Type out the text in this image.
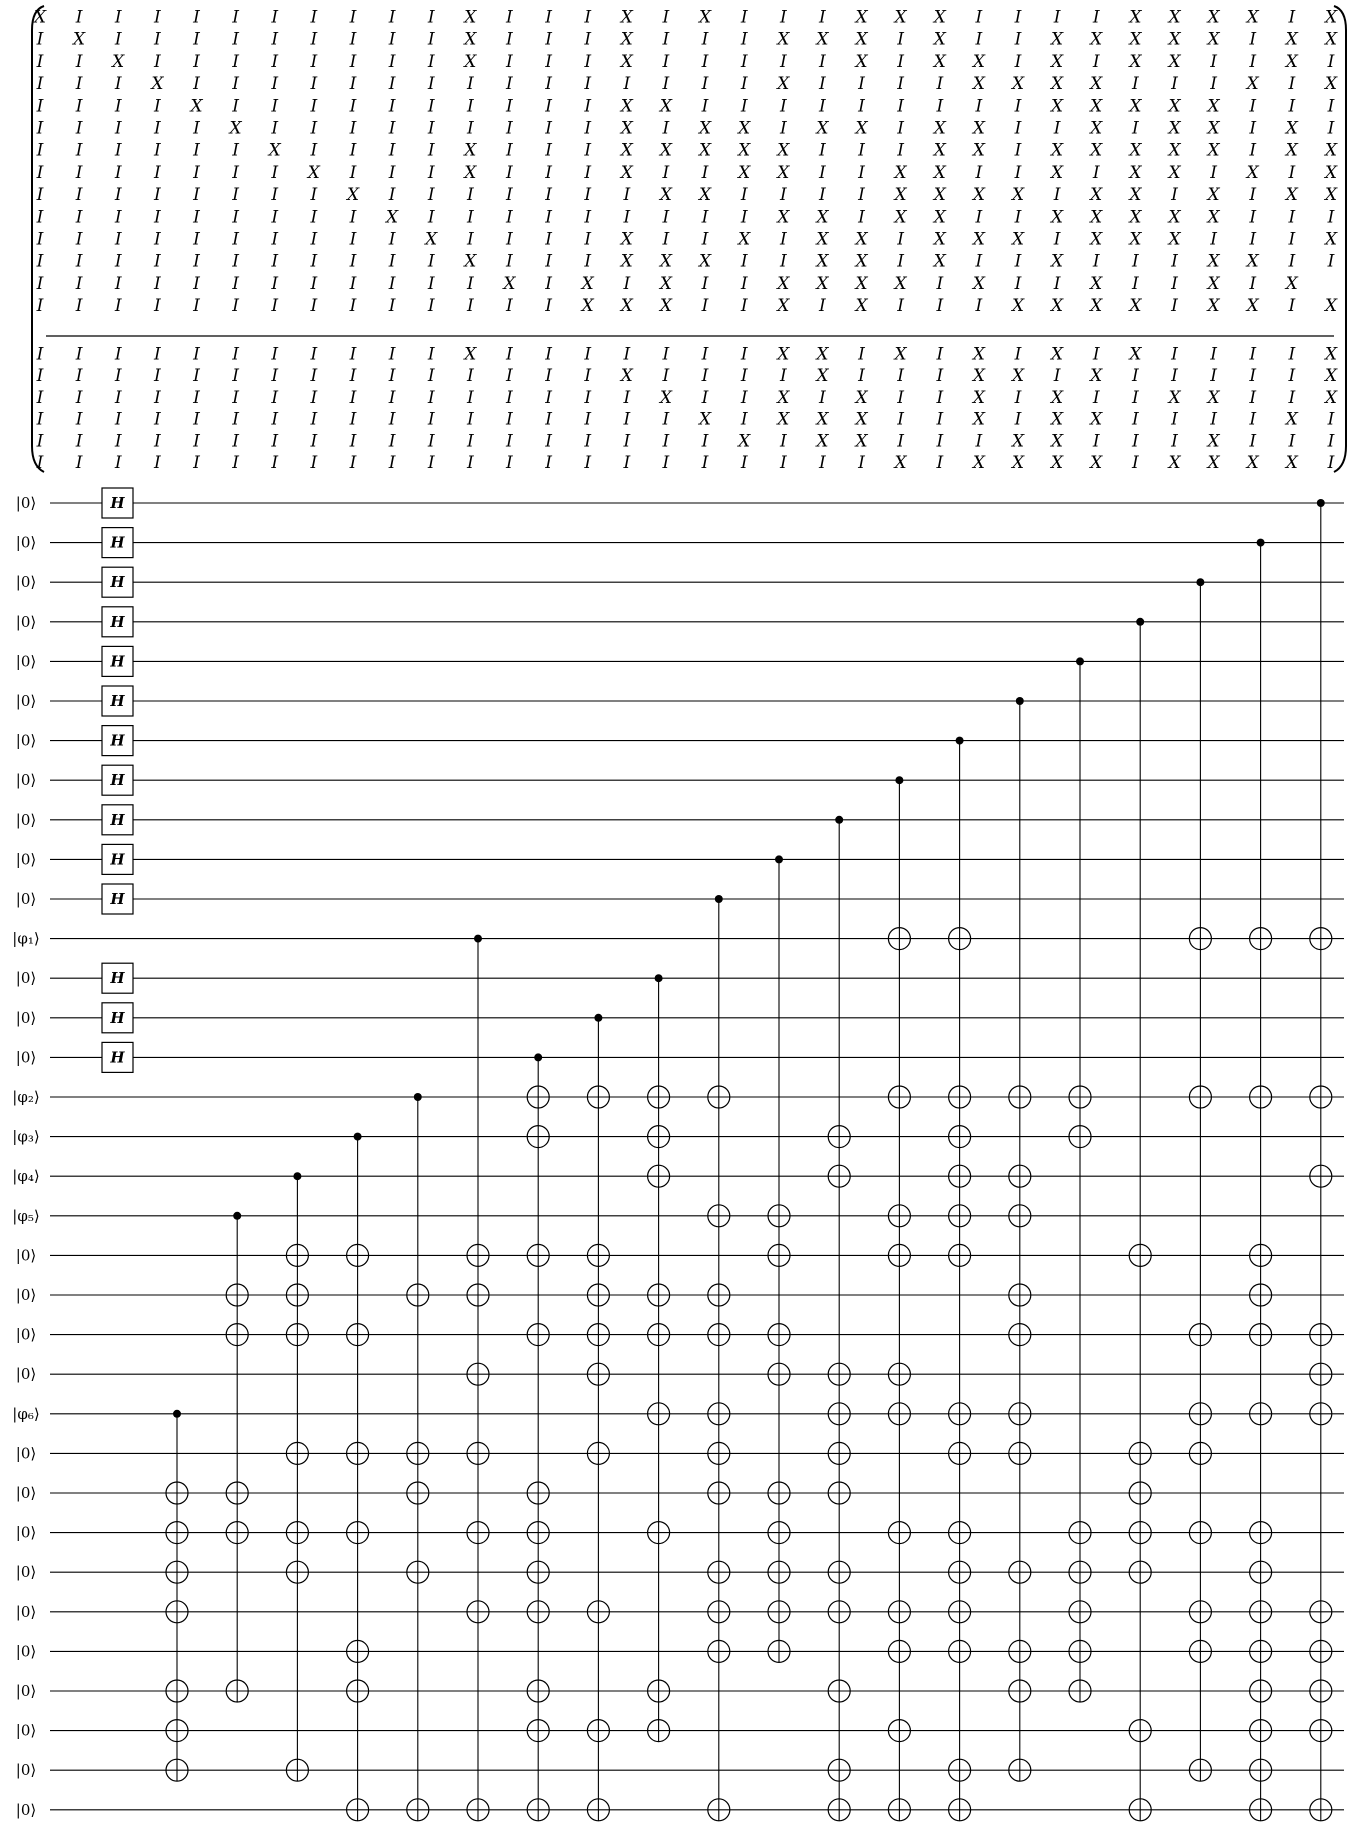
X I I I I I I I I I I X I I I X I X I I I X X X I I I I X X X X I X
I X I I I I I I I I I X I I I X I I I X X X I X I I X X X X X I X X
I I X I I I I I I I I X I I I X I I I I I X I X X I X I X X I I X I
I I I X I I I I I I I I I I I I I I I X I I I I X X X X I I I X I X
I I I I X I I I I I I I I I I X X I I I I I I I I I X X X X X I I I
I I I I I X I I I I I I I I I X I X X I X X I X X I I X I X X I X I
I I I I I I X I I I I X I I I X X X X X I I I X X I X X X X X I X X
I I I I I I I X I I I X I I I X I I X X I I X X I I X I X X I X I X
I I I I I I I I X I I I I I I I X X I I I I X X X X I X X I X I X X
I I I I I I I I I X I I I I I I I I I X X I X X I I X X X X X I I I
I I I I I I I I I I X I I I I X I I X I X X I X X X I X X X I I I X
I I I I I I I I I I I X I I I X X X I I X X I X I I X I I I X X I I
I I I I I I I I I I I I X I X I X I I X X X X I X I I X I I X I X
I I I I I I I I I I I I I I X X X I I X I X I I I X X X X I X X I X
I I I I I I I I I I I X I I I I I I I X X I X I X I X I X I I I I X
I I I I I I I I I I I I I I I X I I I I X I I I X X I X I I I I I X
I I I I I I I I I I I I I I I I X I I X I X I I X I X I I X X I I X
I I I I I I I I I I I I I I I I I X I X X X I I X I X X I I I I X I
I I I I I I I I I I I I I I I I I I X I X X I I I X X I I I X I I I
I I I I I I I I I I I I I I I I I I I I I I X I X X X X I X X X X I
H
H
H
H
H
H
H
H
H
H
H
H
H
H
|0⟩
|0⟩
|0⟩
|0⟩
|0⟩
|0⟩
|0⟩
|0⟩
|0⟩
|0⟩
|0⟩
|φ₁⟩
|0⟩
|0⟩
|0⟩
|φ₂⟩
|φ₃⟩
|φ₄⟩
|φ₅⟩
|0⟩
|0⟩
|0⟩
|0⟩
|φ₆⟩
|0⟩
|0⟩
|0⟩
|0⟩
|0⟩
|0⟩
|0⟩
|0⟩
|0⟩
|0⟩
